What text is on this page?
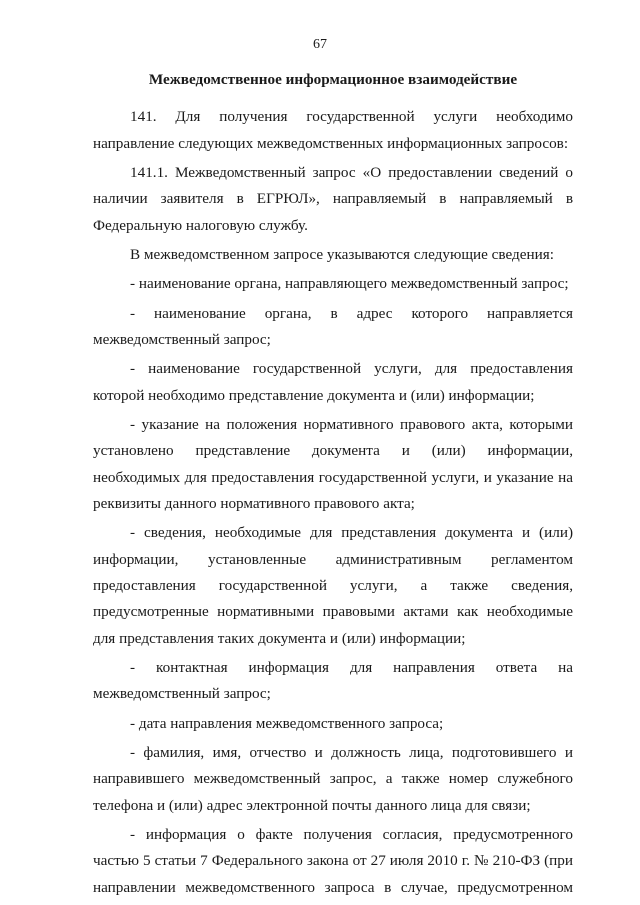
67
Межведомственное информационное взаимодействие
141. Для получения государственной услуги необходимо направление следующих межведомственных информационных запросов:
141.1. Межведомственный запрос «О предоставлении сведений о наличии заявителя в ЕГРЮЛ», направляемый в направляемый в Федеральную налоговую службу.
В межведомственном запросе указываются следующие сведения:
- наименование органа, направляющего межведомственный запрос;
- наименование органа, в адрес которого направляется межведомственный запрос;
- наименование государственной услуги, для предоставления которой необходимо представление документа и (или) информации;
- указание на положения нормативного правового акта, которыми установлено представление документа и (или) информации, необходимых для предоставления государственной услуги, и указание на реквизиты данного нормативного правового акта;
- сведения, необходимые для представления документа и (или) информации, установленные административным регламентом предоставления государственной услуги, а также сведения, предусмотренные нормативными правовыми актами как необходимые для представления таких документа и (или) информации;
- контактная информация для направления ответа на межведомственный запрос;
- дата направления межведомственного запроса;
- фамилия, имя, отчество и должность лица, подготовившего и направившего межведомственный запрос, а также номер служебного телефона и (или) адрес электронной почты данного лица для связи;
- информация о факте получения согласия, предусмотренного частью 5 статьи 7 Федерального закона от 27 июля 2010 г. № 210-ФЗ (при направлении межведомственного запроса в случае, предусмотренном
